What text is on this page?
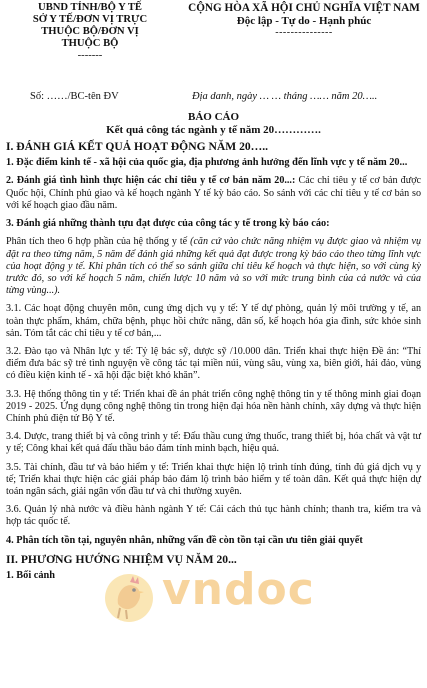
UBND TỈNH/BỘ Y TẾ
SỞ Y TẾ/ĐƠN VỊ TRỰC
THUỘC BỘ/ĐƠN VỊ
THUỘC BỘ
-------
CỘNG HÒA XÃ HỘI CHỦ NGHĨA VIỆT NAM
Độc lập - Tự do - Hạnh phúc
---------------
Số: ……/BC-tên ĐV	Địa danh, ngày … … tháng …… năm 20…..
BÁO CÁO
Kết quả công tác ngành y tế năm 20………….
I. ĐÁNH GIÁ KẾT QUẢ HOẠT ĐỘNG NĂM 20…..
1. Đặc điểm kinh tế - xã hội của quốc gia, địa phương ảnh hưởng đến lĩnh vực y tế năm 20...
2. Đánh giá tình hình thực hiện các chỉ tiêu y tế cơ bản năm 20...: Các chỉ tiêu y tế cơ bản được Quốc hội, Chính phủ giao và kế hoạch ngành Y tế kỳ báo cáo. So sánh với các chỉ tiêu y tế cơ bản so với kế hoạch giao đầu năm.
3. Đánh giá những thành tựu đạt được của công tác y tế trong kỳ báo cáo:
Phân tích theo 6 hợp phần của hệ thống y tế (căn cứ vào chức năng nhiệm vụ được giao và nhiệm vụ đặt ra theo từng năm, 5 năm để đánh giá những kết quả đạt được trong kỳ báo cáo theo từng lĩnh vực của hoạt động y tế. Khi phân tích có thể so sánh giữa chỉ tiêu kế hoạch và thực hiện, so với cùng kỳ trước đó, so với kế hoạch 5 năm, chiến lược 10 năm và so với mức trung bình của cả nước và của từng vùng...).
3.1. Các hoạt động chuyên môn, cung ứng dịch vụ y tế: Y tế dự phòng, quản lý môi trường y tế, an toàn thực phẩm, khám, chữa bệnh, phục hồi chức năng, dân số, kế hoạch hóa gia đình, sức khỏe sinh sản. Tóm tắt các chỉ tiêu y tế cơ bản,...
3.2. Đào tạo và Nhân lực y tế: Tỷ lệ bác sỹ, dược sỹ /10.000 dân. Triển khai thực hiện Đề án: “Thí điểm đưa bác sỹ trẻ tình nguyện về công tác tại miền núi, vùng sâu, vùng xa, biên giới, hải đảo, vùng có điều kiện kinh tế - xã hội đặc biệt khó khăn”.
3.3. Hệ thống thông tin y tế: Triển khai đề án phát triển công nghệ thông tin y tế thông minh giai đoạn 2019 - 2025. Ứng dụng công nghệ thông tin trong hiện đại hóa nền hành chính, xây dựng và thực hiện Chính phủ điện tử Bộ Y tế.
3.4. Dược, trang thiết bị và công trình y tế: Đấu thầu cung ứng thuốc, trang thiết bị, hóa chất và vật tư y tế; Công khai kết quả đấu thầu bảo đảm tính minh bạch, hiệu quả.
3.5. Tài chính, đầu tư và bảo hiểm y tế: Triển khai thực hiện lộ trình tính đúng, tính đủ giá dịch vụ y tế; Triển khai thực hiện các giải pháp bảo đảm lộ trình bảo hiểm y tế toàn dân. Kết quả thực hiện dự toán ngân sách, giải ngân vốn đầu tư và chi thường xuyên.
3.6. Quản lý nhà nước và điều hành ngành Y tế: Cải cách thủ tục hành chính; thanh tra, kiểm tra và hợp tác quốc tế.
4. Phân tích tồn tại, nguyên nhân, những vấn đề còn tồn tại cần ưu tiên giải quyết
II. PHƯƠNG HƯỚNG NHIỆM VỤ NĂM 20...
1. Bối cảnh	vndoc
